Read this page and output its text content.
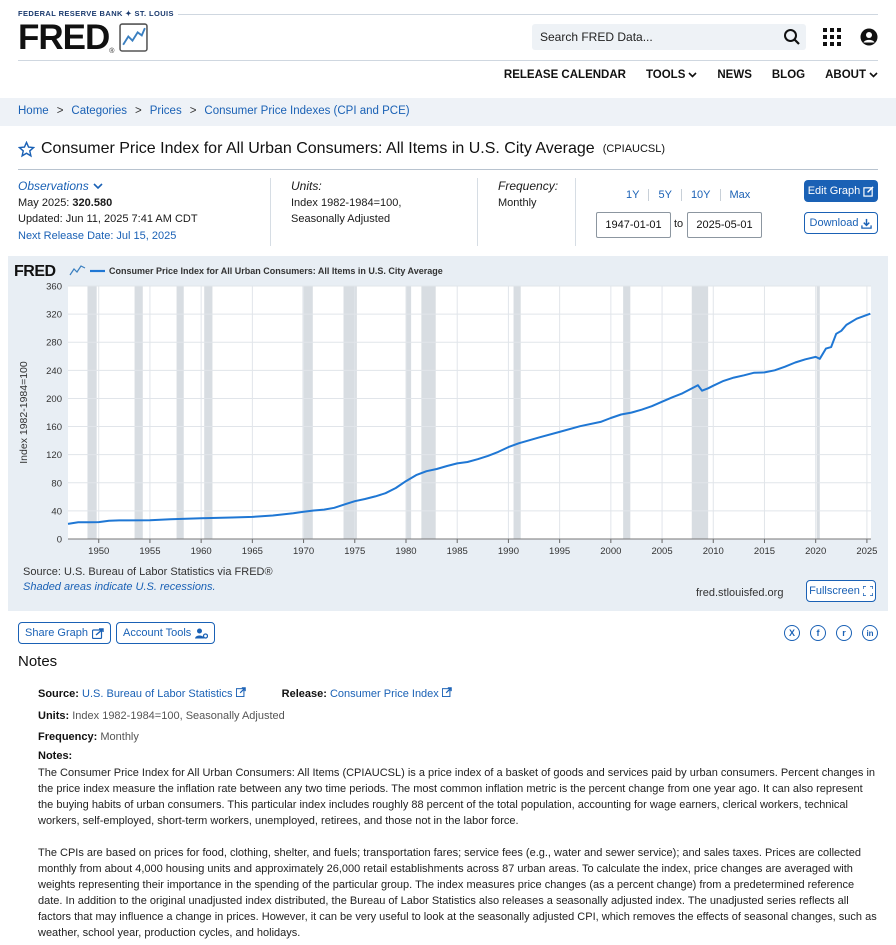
FEDERAL RESERVE BANK ✦ ST. LOUIS
FRED ®
Search FRED Data...
RELEASE CALENDAR TOOLS	NEWS BLOG ABOUT
Home > Categories > Prices > Consumer Price Indexes (CPI and PCE)
Consumer Price Index for All Urban Consumers: All Items in U.S. City Average (CPIAUCSL)
Observations
May 2025: 320.580
Updated: Jun 11, 2025 7:41 AM CDT
Next Release Date: Jul 15, 2025
Units:
Index 1982-1984=100,
Seasonally Adjusted
Frequency:
Monthly
1Y	5Y	10Y	Max
1947-01-01
to
2025-05-01
Edit Graph
Download
0
40
80
120
160
200
240
280
320
360
1950	1955	1960	1965	1970	1975	1980	1985	1990	1995	2000	2005	2010	2015	2020	2025
Index 1982-1984=100
FRED	Consumer Price Index for All Urban Consumers: All Items in U.S. City Average
Source: U.S. Bureau of Labor Statistics via FRED®
Shaded areas indicate U.S. recessions.	fred.stlouisfed.org Fullscreen
Share Graph	Account Tools	X	f	r	in
Notes
Source: U.S. Bureau of Labor Statistics	Release: Consumer Price Index
Units: Index 1982-1984=100, Seasonally Adjusted
Frequency: Monthly
Notes:

The Consumer Price Index for All Urban Consumers: All Items (CPIAUCSL) is a price index of a basket of goods and services paid by urban consumers. Percent changes in the price index measure the inflation rate between any two time periods. The most common inflation metric is the percent change from one year ago. It can also represent the buying habits of urban consumers. This particular index includes roughly 88 percent of the total population, accounting for wage earners, clerical workers, technical workers, self-employed, short-term workers, unemployed, retirees, and those not in the labor force.

The CPIs are based on prices for food, clothing, shelter, and fuels; transportation fares; service fees (e.g., water and sewer service); and sales taxes. Prices are collected monthly from about 4,000 housing units and approximately 26,000 retail establishments across 87 urban areas. To calculate the index, price changes are averaged with weights representing their importance in the spending of the particular group. The index measures price changes (as a percent change) from a predetermined reference date. In addition to the original unadjusted index distributed, the Bureau of Labor Statistics also releases a seasonally adjusted index. The unadjusted series reflects all factors that may influence a change in prices. However, it can be very useful to look at the seasonally adjusted CPI, which removes the effects of seasonal changes, such as weather, school year, production cycles, and holidays.
